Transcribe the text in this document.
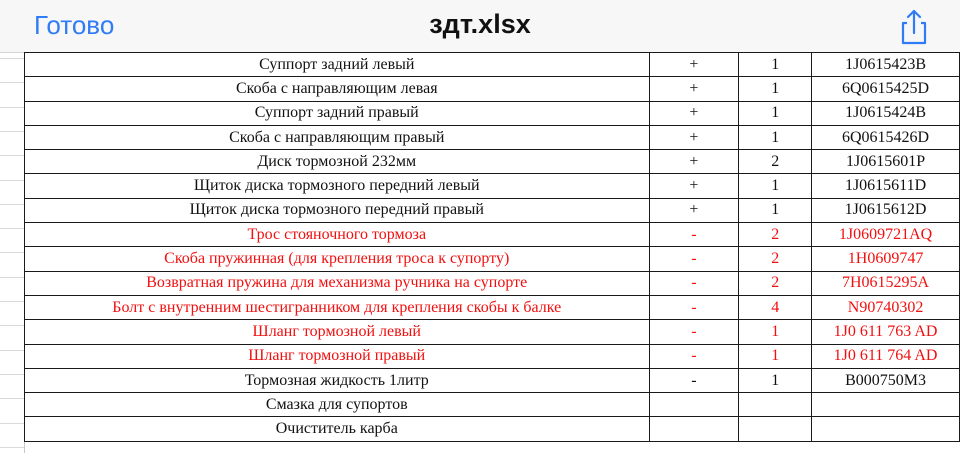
Готово	здт.xlsx

Суппорт задний левый	+	1	1J0615423B
Скоба с направляющим левая	+	1	6Q0615425D
Суппорт задний правый	+	1	1J0615424B
Скоба с направляющим правый	+	1	6Q0615426D
Диск тормозной 232мм	+	2	1J0615601P
Щиток диска тормозного передний левый	+	1	1J0615611D
Щиток диска тормозного передний правый	+	1	1J0615612D
Трос стояночного тормоза	-	2	1J0609721AQ
Скоба пружинная (для крепления троса к супорту)	-	2	1H0609747
Возвратная пружина для механизма ручника на супорте	-	2	7H0615295A
Болт с внутренним шестигранником для крепления скобы к балке	-	4	N90740302
Шланг тормозной левый	-	1	1J0 611 763 AD
Шланг тормозной правый	-	1	1J0 611 764 AD
Тормозная жидкость 1литр	-	1	B000750M3
Смазка для супортов			
Очиститель карба			
